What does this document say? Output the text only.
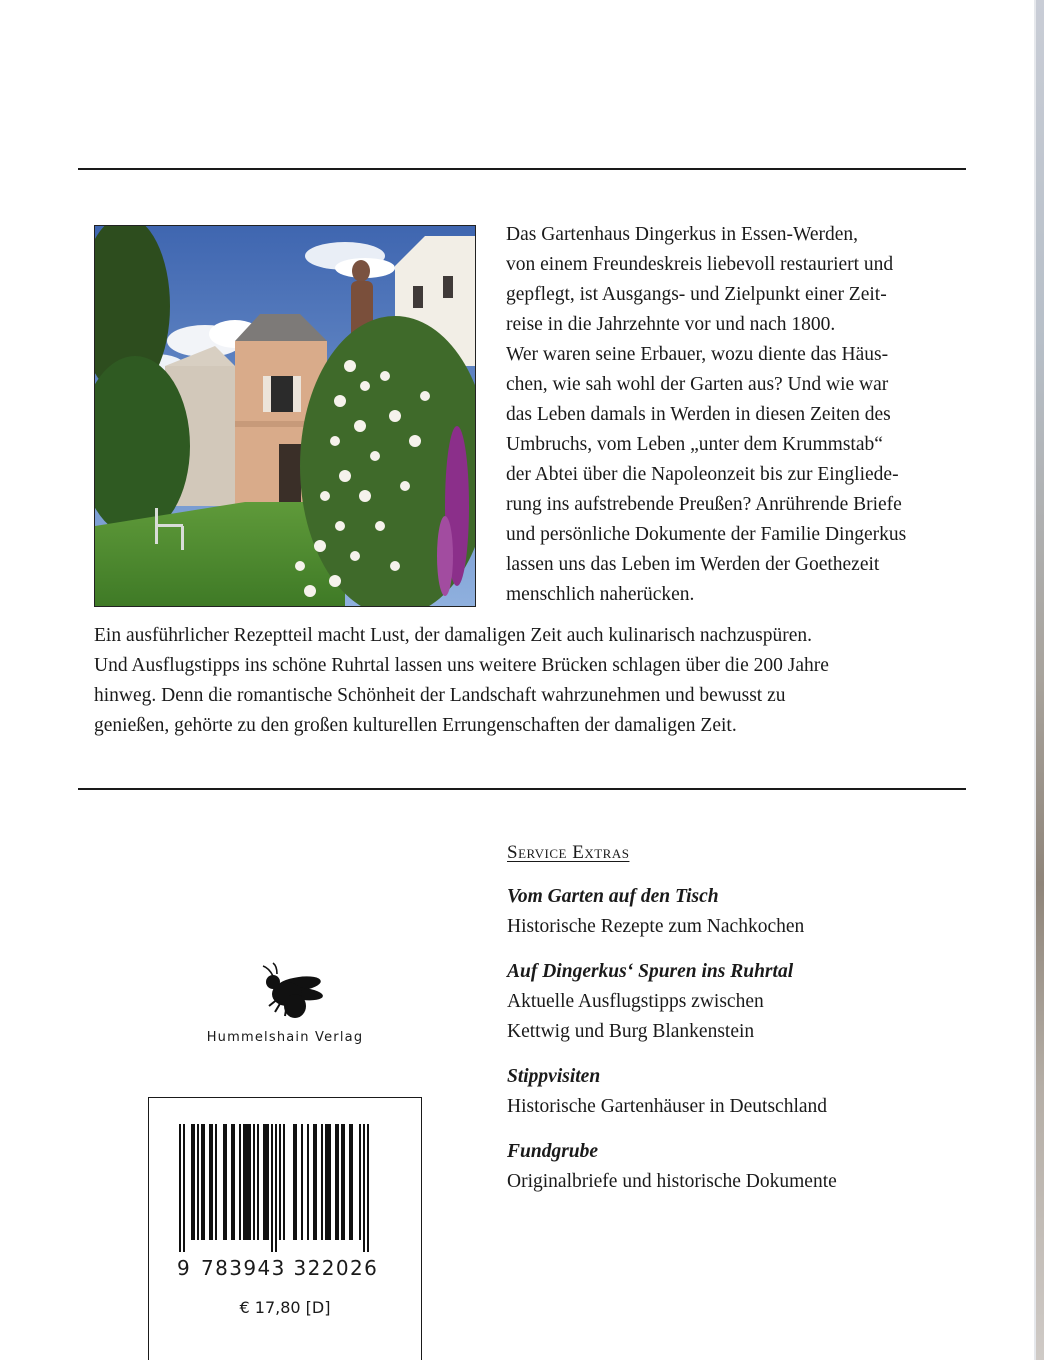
Das Gartenhaus Dingerkus in Essen-Werden,

von einem Freundeskreis liebevoll restauriert und

gepflegt, ist Ausgangs- und Zielpunkt einer Zeit-

reise in die Jahrzehnte vor und nach 1800.

Wer waren seine Erbauer, wozu diente das Häus-

chen, wie sah wohl der Garten aus? Und wie war

das Leben damals in Werden in diesen Zeiten des

Umbruchs, vom Leben „unter dem Krummstab“

der Abtei über die Napoleonzeit bis zur Eingliede-

rung ins aufstrebende Preußen? Anrührende Briefe

und persönliche Dokumente der Familie Dingerkus

lassen uns das Leben im Werden der Goethezeit

menschlich naherücken.

Ein ausführlicher Rezeptteil macht Lust, der damaligen Zeit auch kulinarisch nachzuspüren.

Und Ausflugstipps ins schöne Ruhrtal lassen uns weitere Brücken schlagen über die 200 Jahre

hinweg. Denn die romantische Schönheit der Landschaft wahrzunehmen und bewusst zu

genießen, gehörte zu den großen kulturellen Errungenschaften der damaligen Zeit.

Service Extras
Vom Garten auf den Tisch
Historische Rezepte zum Nachkochen
Auf Dingerkus‘ Spuren ins Ruhrtal
Aktuelle Ausflugstipps zwischen
Kettwig und Burg Blankenstein
Stippvisiten
Historische Gartenhäuser in Deutschland
Fundgrube
Originalbriefe und historische Dokumente
Hummelshain Verlag
9 783943 322026
€ 17,80 [D]
